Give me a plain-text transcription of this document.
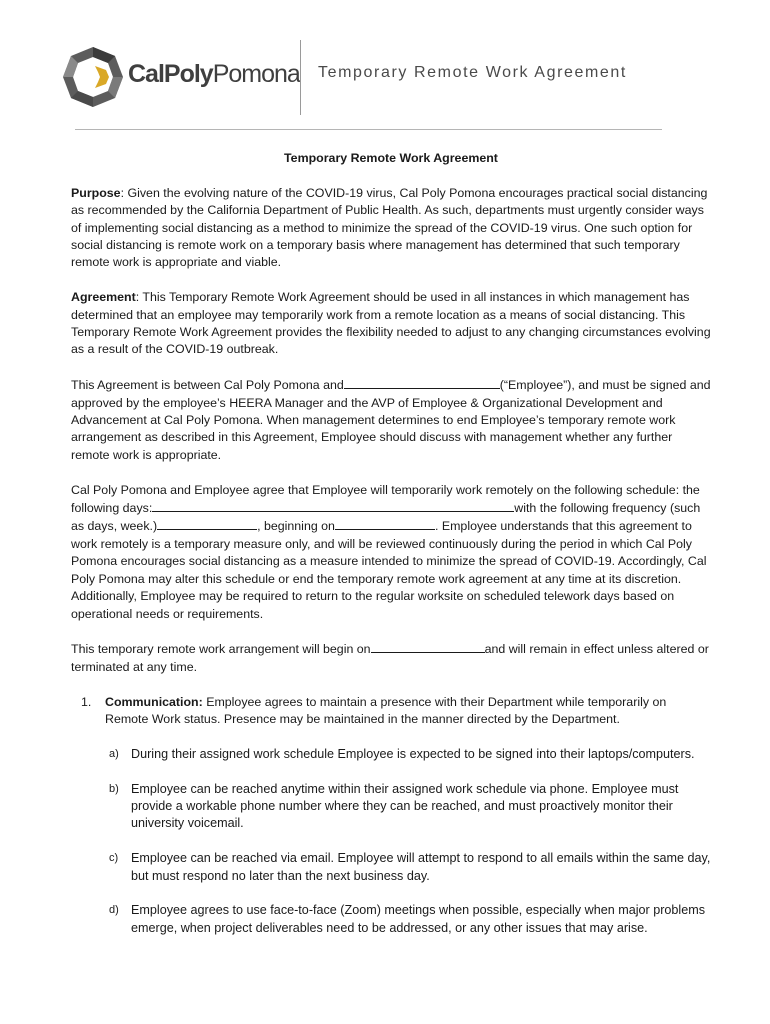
CalPolyPomona Temporary Remote Work Agreement

Temporary Remote Work Agreement

Purpose: Given the evolving nature of the COVID-19 virus, Cal Poly Pomona encourages practical social distancing as recommended by the California Department of Public Health. As such, departments must urgently consider ways of implementing social distancing as a method to minimize the spread of the COVID-19 virus. One such option for social distancing is remote work on a temporary basis where management has determined that such temporary remote work is appropriate and viable.

Agreement: This Temporary Remote Work Agreement should be used in all instances in which management has determined that an employee may temporarily work from a remote location as a means of social distancing. This Temporary Remote Work Agreement provides the flexibility needed to adjust to any changing circumstances evolving as a result of the COVID-19 outbreak.

This Agreement is between Cal Poly Pomona and	(“Employee”), and must be signed and approved by the employee’s HEERA Manager and the AVP of Employee & Organizational Development and Advancement at Cal Poly Pomona. When management determines to end Employee’s temporary remote work arrangement as described in this Agreement, Employee should discuss with management whether any further remote work is appropriate.

Cal Poly Pomona and Employee agree that Employee will temporarily work remotely on the following schedule: the following days:	with the following frequency (such as days, week.)	, beginning on	. Employee understands that this agreement to work remotely is a temporary measure only, and will be reviewed continuously during the period in which Cal Poly Pomona encourages social distancing as a measure intended to minimize the spread of COVID-19. Accordingly, Cal Poly Pomona may alter this schedule or end the temporary remote work agreement at any time at its discretion. Additionally, Employee may be required to return to the regular worksite on scheduled telework days based on operational needs or requirements.

This temporary remote work arrangement will begin on	and will remain in effect unless altered or terminated at any time.

1. Communication: Employee agrees to maintain a presence with their Department while temporarily on Remote Work status. Presence may be maintained in the manner directed by the Department.
a) During their assigned work schedule Employee is expected to be signed into their laptops/computers.
b) Employee can be reached anytime within their assigned work schedule via phone. Employee must provide a workable phone number where they can be reached, and must proactively monitor their university voicemail.
c) Employee can be reached via email. Employee will attempt to respond to all emails within the same day, but must respond no later than the next business day.
d) Employee agrees to use face-to-face (Zoom) meetings when possible, especially when major problems emerge, when project deliverables need to be addressed, or any other issues that may arise.
